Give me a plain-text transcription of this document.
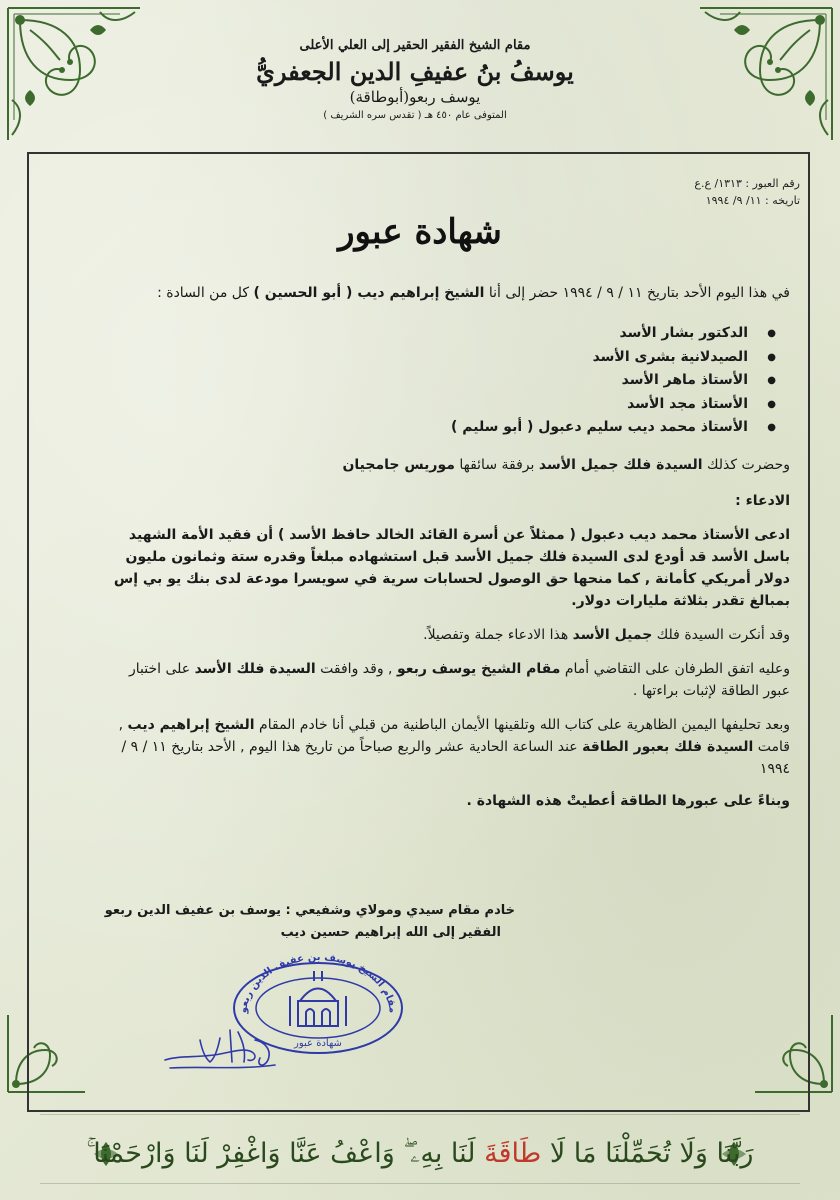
مقام الشيخ الفقير الحقير إلى العلي الأعلى
يوسفُ بنُ عفيفِ الدين الجعفريُّ
يوسف ربعو(أبوطاقة)
المتوفى عام ٤٥٠ هـ ( تقدس سره الشريف )
رقم العبور : ١٣١٣/ ع.ع
تاريخه : ١١/ ٩/ ١٩٩٤
شهادة عبور

في هذا اليوم الأحد بتاريخ ١١ / ٩ / ١٩٩٤ حضر إلى أنا الشيخ إبراهيم ديب ( أبو الحسين ) كل من السادة :

● الدكتور بشار الأسد
● الصيدلانية بشرى الأسد
● الأستاذ ماهر الأسد
● الأستاذ مجد الأسد
● الأستاذ محمد ديب سليم دعبول ( أبو سليم )

وحضرت كذلك السيدة فلك جميل الأسد برفقة سائقها موريس جامجيان

الادعاء :

ادعى الأستاذ محمد ديب دعبول ( ممثلاً عن أسرة القائد الخالد حافظ الأسد ) أن فقيد الأمة الشهيد باسل الأسد قد أودع لدى السيدة فلك جميل الأسد قبل استشهاده مبلغاً وقدره ستة وثمانون مليون دولار أمريكي كأمانة , كما منحها حق الوصول لحسابات سرية في سويسرا مودعة لدى بنك يو بي إس بمبالغ تقدر بثلاثة مليارات دولار.

وقد أنكرت السيدة فلك جميل الأسد هذا الادعاء جملة وتفصيلاً.

وعليه اتفق الطرفان على التقاضي أمام مقام الشيخ يوسف ربعو , وقد وافقت السيدة فلك الأسد على اختبار عبور الطاقة لإثبات براءتها .

وبعد تحليفها اليمين الظاهرية على كتاب الله وتلقينها الأيمان الباطنية من قبلي أنا خادم المقام الشيخ إبراهيم ديب , قامت السيدة فلك بعبور الطاقة عند الساعة الحادية عشر والربع صباحاً من تاريخ هذا اليوم , الأحد بتاريخ ١١ / ٩ / ١٩٩٤

وبناءً على عبورها الطاقة أعطيتْ هذه الشهادة .

خادم مقام سيدي ومولاي وشفيعي : يوسف بن عفيف الدين ربعو
الفقير إلى الله إبراهيم حسين ديب
مقام الشيخ يوسف بن عفيف الدين ربعو
شهادة عبور
رَبَّنَا وَلَا تُحَمِّلْنَا مَا لَا طَاقَةَ لَنَا بِهِۦ ۖ وَاعْفُ عَنَّا وَاغْفِرْ لَنَا وَارْحَمْنَا ۚ
